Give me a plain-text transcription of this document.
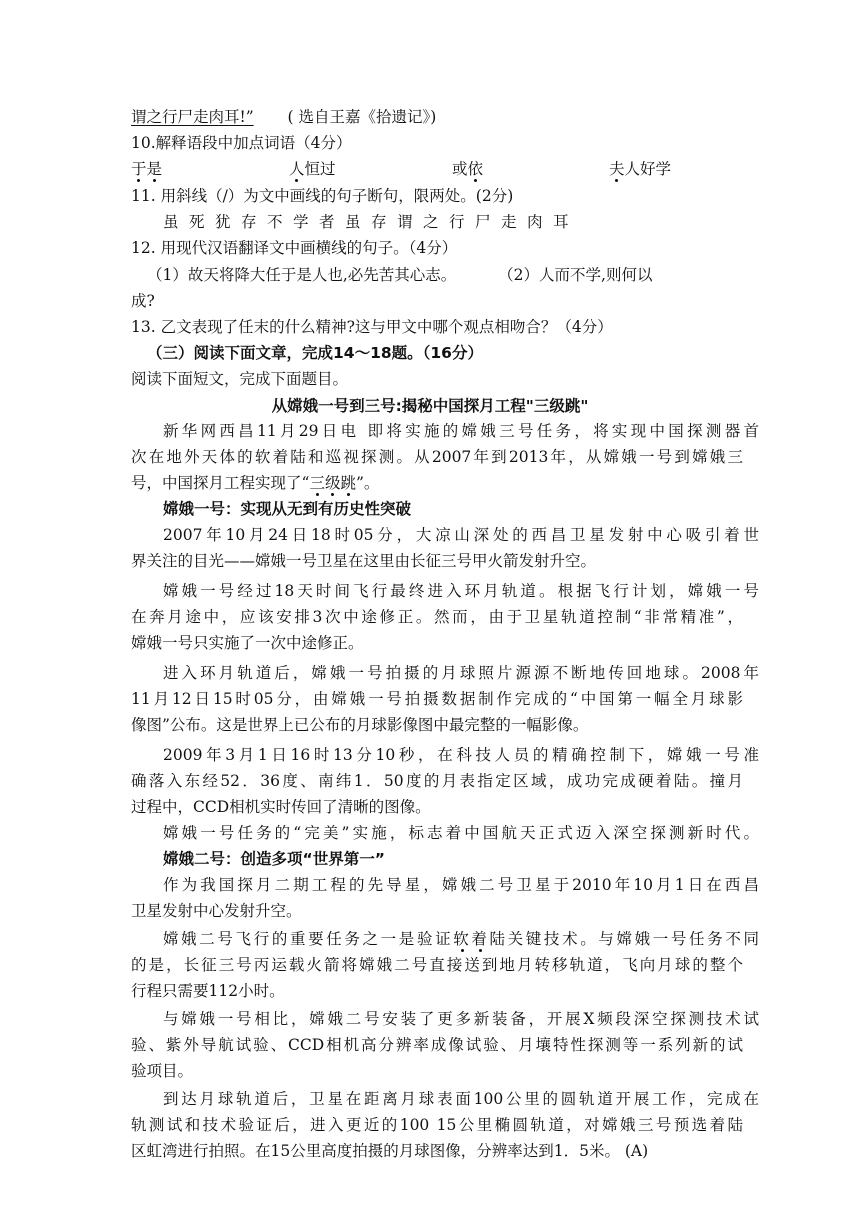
谓之行尸走肉耳!” ( 选自王嘉《拾遗记》)
10.解释语段中加点词语（4分）
于是	人恒过	或依	夫人好学
11. 用斜线（/）为文中画线的句子断句，限两处。(2分)
虽死犹存不学者虽存谓之行尸走肉耳
12. 用现代汉语翻译文中画横线的句子。（4分）
（1）故天将降大任于是人也,必先苦其心志。	（2）人而不学,则何以
成?
13. 乙文表现了任末的什么精神?这与甲文中哪个观点相吻合？（4分）
（三）阅读下面文章，完成14～18题。（16分）
阅读下面短文，完成下面题目。
从嫦娥一号到三号:揭秘中国探月工程"三级跳"
新华网西昌11月29日电 即将实施的嫦娥三号任务，将实现中国探测器首
次在地外天体的软着陆和巡视探测。从2007年到2013年，从嫦娥一号到嫦娥三
号，中国探月工程实现了“三级跳”。
嫦娥一号：实现从无到有历史性突破
2007年10月24日18时05分，大凉山深处的西昌卫星发射中心吸引着世
界关注的目光——嫦娥一号卫星在这里由长征三号甲火箭发射升空。
嫦娥一号经过18天时间飞行最终进入环月轨道。根据飞行计划，嫦娥一号
在奔月途中，应该安排3次中途修正。然而，由于卫星轨道控制“非常精准”，
嫦娥一号只实施了一次中途修正。
进入环月轨道后，嫦娥一号拍摄的月球照片源源不断地传回地球。2008年
11月12日15时05分，由嫦娥一号拍摄数据制作完成的“中国第一幅全月球影
像图”公布。这是世界上已公布的月球影像图中最完整的一幅影像。
2009年3月1日16时13分10秒，在科技人员的精确控制下，嫦娥一号准
确落入东经52．36度、南纬1．50度的月表指定区域，成功完成硬着陆。撞月
过程中，CCD相机实时传回了清晰的图像。
嫦娥一号任务的“完美”实施，标志着中国航天正式迈入深空探测新时代。
嫦娥二号：创造多项“世界第一”
作为我国探月二期工程的先导星，嫦娥二号卫星于2010年10月1日在西昌
卫星发射中心发射升空。
嫦娥二号飞行的重要任务之一是验证软着陆关键技术。与嫦娥一号任务不同
的是，长征三号丙运载火箭将嫦娥二号直接送到地月转移轨道，飞向月球的整个
行程只需要112小时。
与嫦娥一号相比，嫦娥二号安装了更多新装备，开展X频段深空探测技术试
验、紫外导航试验、CCD相机高分辨率成像试验、月壤特性探测等一系列新的试
验项目。
到达月球轨道后，卫星在距离月球表面100公里的圆轨道开展工作，完成在
轨测试和技术验证后，进入更近的100 15公里椭圆轨道，对嫦娥三号预选着陆
区虹湾进行拍照。在15公里高度拍摄的月球图像，分辨率达到1．5米。 (A)
